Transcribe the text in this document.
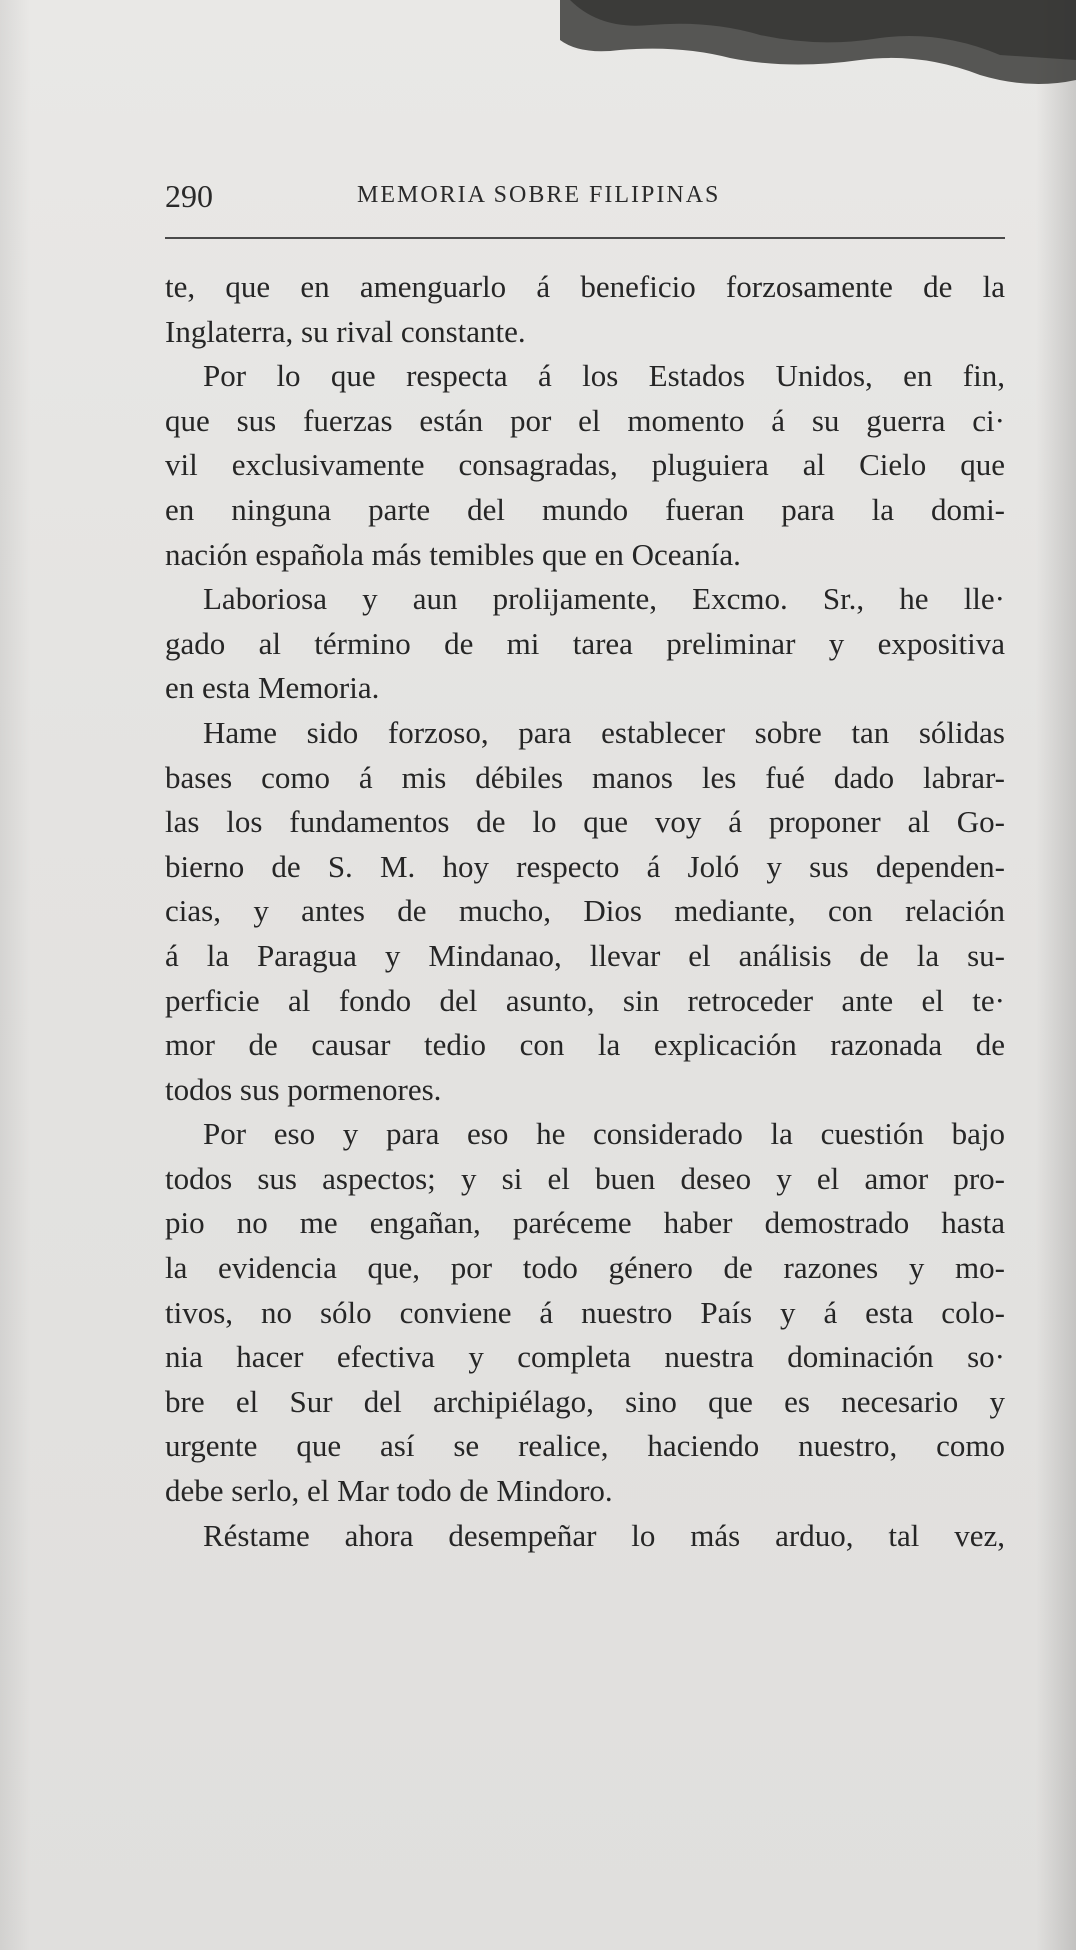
290	MEMORIA SOBRE FILIPINAS
te, que en amenguarlo á beneficio forzosamente de la
Inglaterra, su rival constante.
Por lo que respecta á los Estados Unidos, en fin,
que sus fuerzas están por el momento á su guerra ci·
vil exclusivamente consagradas, pluguiera al Cielo que
en ninguna parte del mundo fueran para la domi-
nación española más temibles que en Oceanía.
Laboriosa y aun prolijamente, Excmo. Sr., he lle·
gado al término de mi tarea preliminar y expositiva
en esta Memoria.
Hame sido forzoso, para establecer sobre tan sólidas
bases como á mis débiles manos les fué dado labrar-
las los fundamentos de lo que voy á proponer al Go-
bierno de S. M. hoy respecto á Joló y sus dependen-
cias, y antes de mucho, Dios mediante, con relación
á la Paragua y Mindanao, llevar el análisis de la su-
perficie al fondo del asunto, sin retroceder ante el te·
mor de causar tedio con la explicación razonada de
todos sus pormenores.
Por eso y para eso he considerado la cuestión bajo
todos sus aspectos; y si el buen deseo y el amor pro-
pio no me engañan, paréceme haber demostrado hasta
la evidencia que, por todo género de razones y mo-
tivos, no sólo conviene á nuestro País y á esta colo-
nia hacer efectiva y completa nuestra dominación so·
bre el Sur del archipiélago, sino que es necesario y
urgente que así se realice, haciendo nuestro, como
debe serlo, el Mar todo de Mindoro.
Réstame ahora desempeñar lo más arduo, tal vez,
